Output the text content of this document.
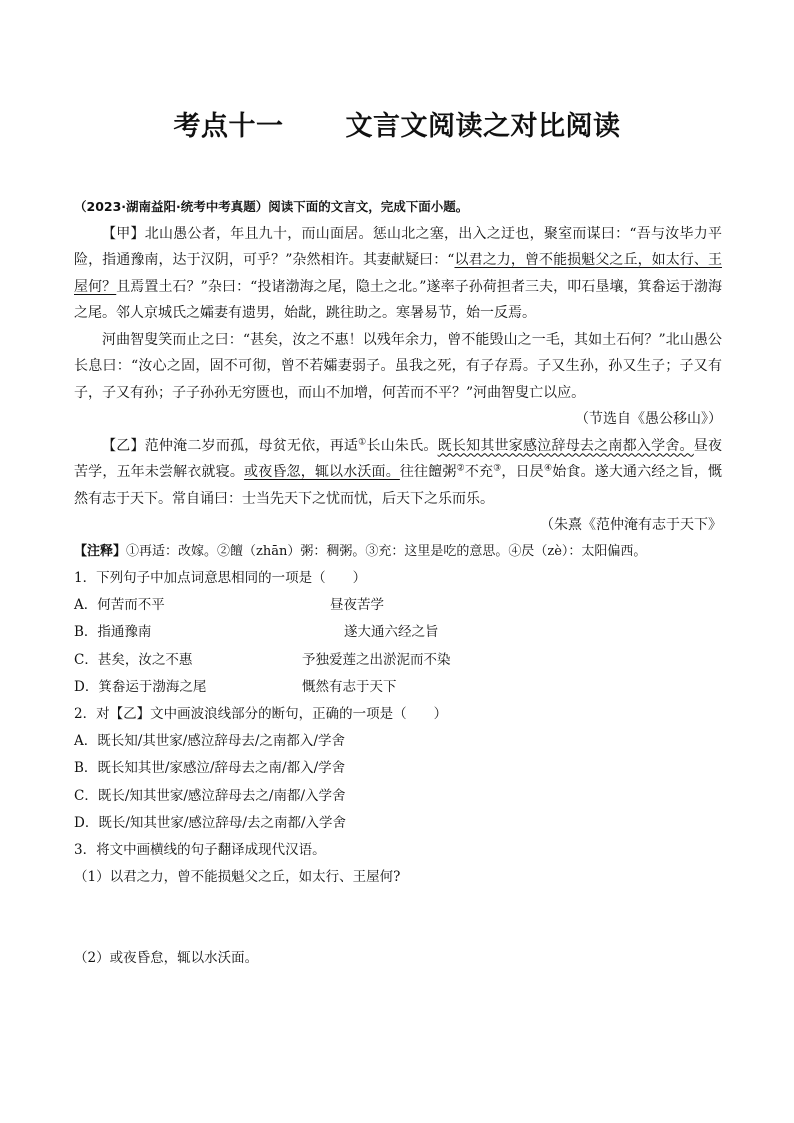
考点十一 文言文阅读之对比阅读

（2023·湖南益阳·统考中考真题）阅读下面的文言文，完成下面小题。

【甲】北山愚公者，年且九十，而山面居。惩山北之塞，出入之迂也，聚室而谋曰：“吾与汝毕力平险，指通豫南，达于汉阴，可乎？”杂然相许。其妻献疑曰：“以君之力，曾不能损魁父之丘，如太行、王屋何？且焉置土石？”杂曰：“投诸渤海之尾，隐土之北。”遂率子孙荷担者三夫，叩石垦壤，箕畚运于渤海之尾。邻人京城氏之孀妻有遗男，始龀，跳往助之。寒暑易节，始一反焉。

河曲智叟笑而止之曰：“甚矣，汝之不惠！以残年余力，曾不能毁山之一毛，其如土石何？”北山愚公长息曰：“汝心之固，固不可彻，曾不若孀妻弱子。虽我之死，有子存焉。子又生孙，孙又生子；子又有子，子又有孙；子子孙孙无穷匮也，而山不加增，何苦而不平？”河曲智叟亡以应。

（节选自《愚公移山》）

【乙】范仲淹二岁而孤，母贫无依，再适①长山朱氏。既长知其世家感泣辞母去之南都入学舍。昼夜苦学，五年未尝解衣就寝。或夜昏忽，辄以水沃面。往往饘粥②不充③，日昃④始食。遂大通六经之旨，慨然有志于天下。常自诵曰：士当先天下之忧而忧，后天下之乐而乐。

（朱熹《范仲淹有志于天下》

【注释】①再适：改嫁。②饘（zhān）粥：稠粥。③充：这里是吃的意思。④昃（zè）：太阳偏西。

1．下列句子中加点词意思相同的一项是（　　）

A．何苦而不平	昼夜苦学
B．指通豫南	遂大通六经之旨
C．甚矣，汝之不惠	予独爱莲之出淤泥而不染
D．箕畚运于渤海之尾	慨然有志于天下

2．对【乙】文中画波浪线部分的断句，正确的一项是（　　）

A．既长知/其世家/感泣辞母去/之南都入/学舍

B．既长知其世/家感泣/辞母去之南/都入/学舍

C．既长/知其世家/感泣辞母去之/南都/入学舍

D．既长/知其世家/感泣辞母/去之南都/入学舍

3．将文中画横线的句子翻译成现代汉语。

（1）以君之力，曾不能损魁父之丘，如太行、王屋何?

（2）或夜昏怠，辄以水沃面。
